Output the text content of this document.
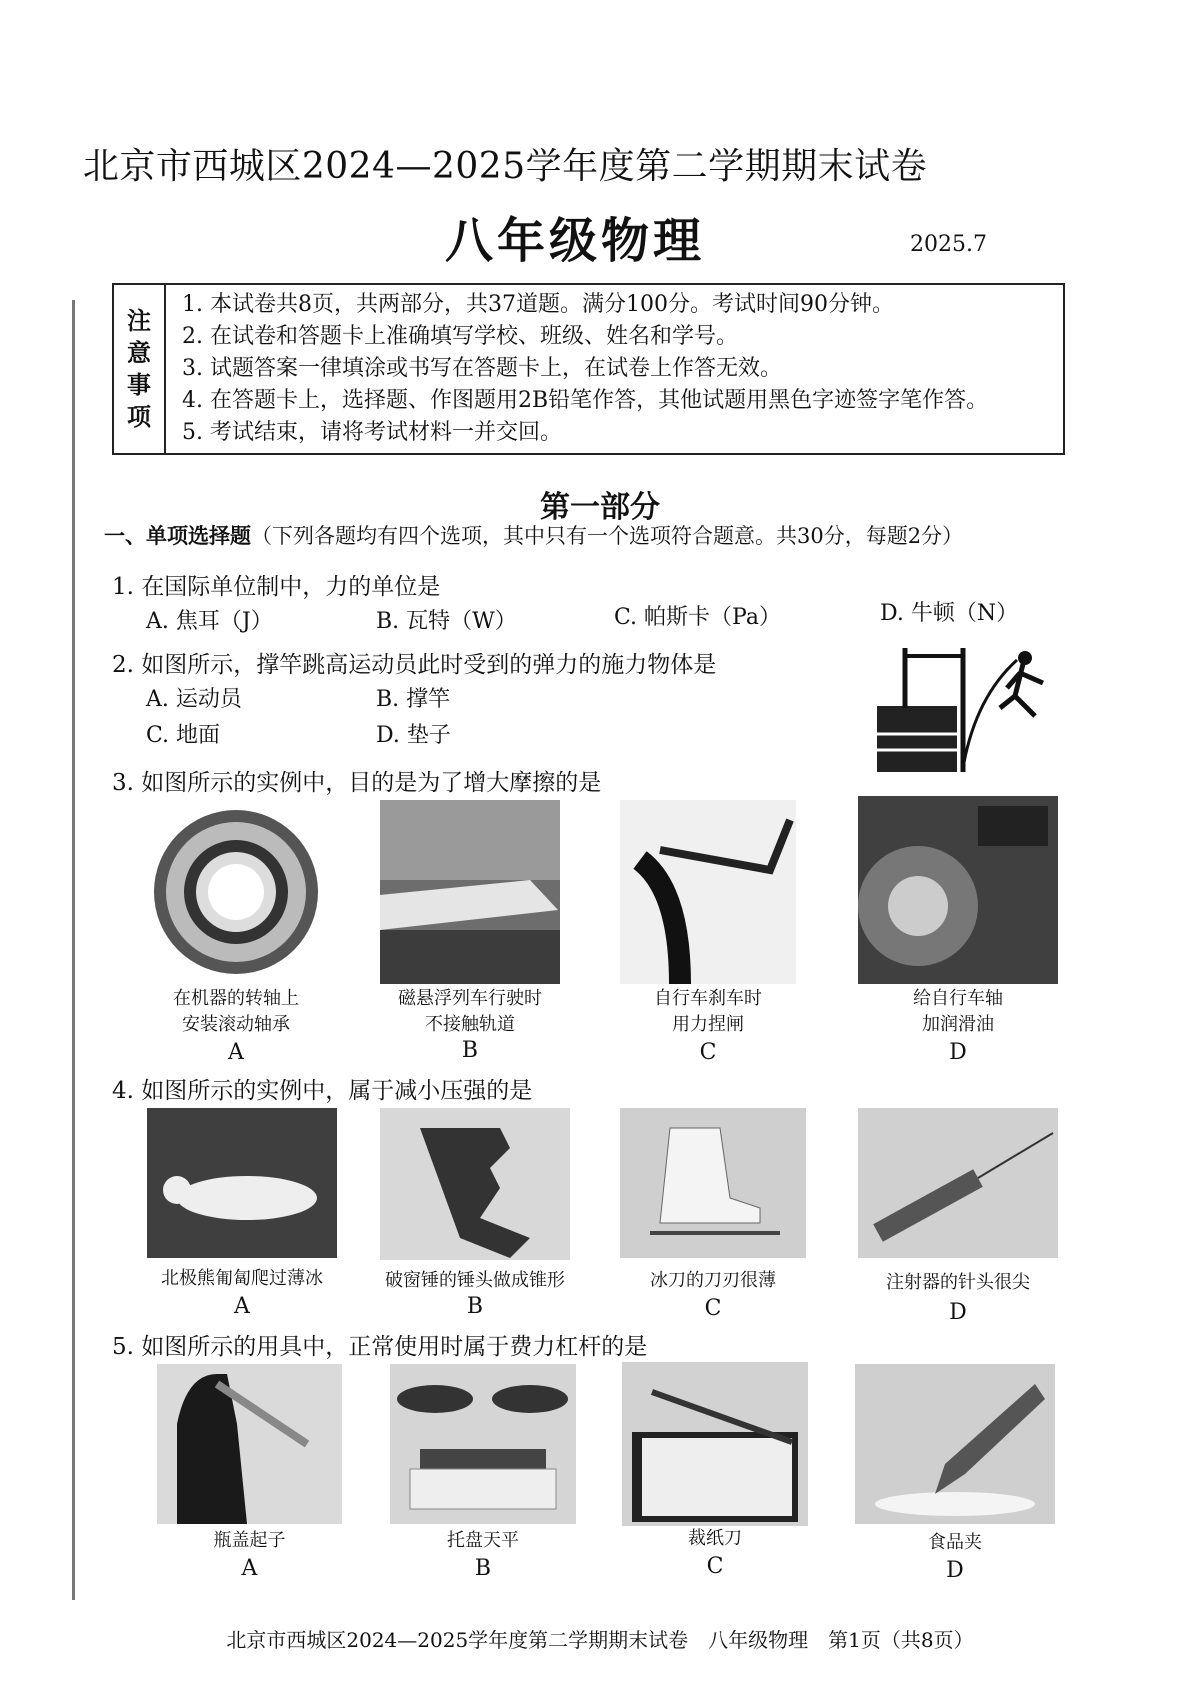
北京市西城区2024—2025学年度第二学期期末试卷
八年级物理	2025.7
注
意
事
项
1. 本试卷共8页，共两部分，共37道题。满分100分。考试时间90分钟。
2. 在试卷和答题卡上准确填写学校、班级、姓名和学号。
3. 试题答案一律填涂或书写在答题卡上，在试卷上作答无效。
4. 在答题卡上，选择题、作图题用2B铅笔作答，其他试题用黑色字迹签字笔作答。
5. 考试结束，请将考试材料一并交回。
第一部分
一、单项选择题（下列各题均有四个选项，其中只有一个选项符合题意。共30分，每题2分）
1. 在国际单位制中，力的单位是
A. 焦耳（J）	B. 瓦特（W）	C. 帕斯卡（Pa）	D. 牛顿（N）
2. 如图所示，撑竿跳高运动员此时受到的弹力的施力物体是
A. 运动员	B. 撑竿
C. 地面	D. 垫子
3. 如图所示的实例中，目的是为了增大摩擦的是
在机器的转轴上
安装滚动轴承
磁悬浮列车行驶时
不接触轨道
自行车刹车时
用力捏闸
给自行车轴
加润滑油
A	B	C	D
4. 如图所示的实例中，属于减小压强的是
北极熊匍匐爬过薄冰	破窗锤的锤头做成锥形	冰刀的刀刃很薄	注射器的针头很尖
A	B	C	D
5. 如图所示的用具中，正常使用时属于费力杠杆的是
瓶盖起子	托盘天平	裁纸刀	食品夹
A	B	C	D
北京市西城区2024—2025学年度第二学期期末试卷　八年级物理　第1页（共8页）
